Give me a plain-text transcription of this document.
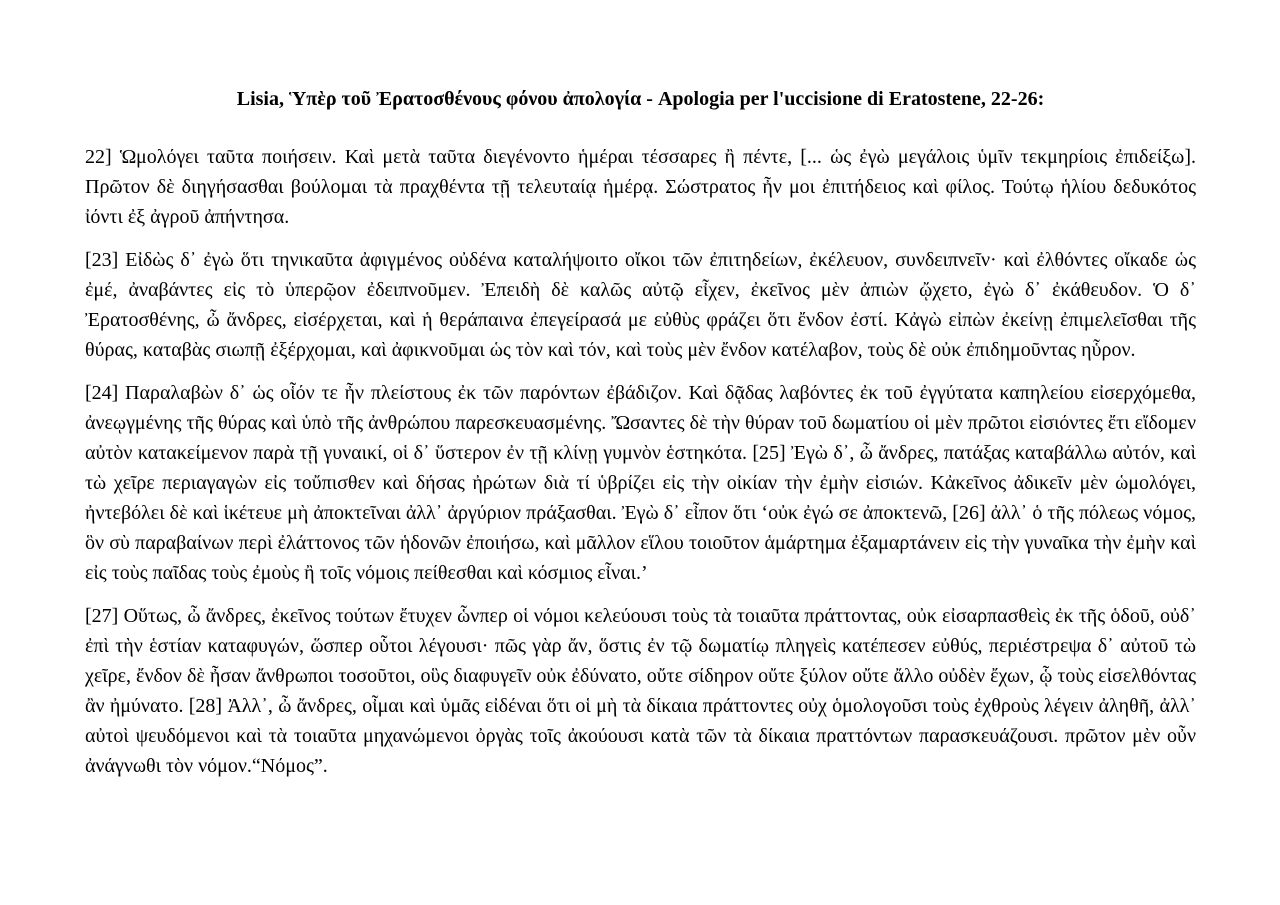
Lisia, Ὑπὲρ τοῦ Ἐρατοσθένους φόνου ἀπολογία - Apologia per l'uccisione di Eratostene, 22-26:

22] Ὡμολόγει ταῦτα ποιήσειν. Καὶ μετὰ ταῦτα διεγένοντο ἡμέραι τέσσαρες ἢ πέντε, [... ὡς ἐγὼ μεγάλοις ὑμῖν τεκμηρίοις ἐπιδείξω]. Πρῶτον δὲ διηγήσασθαι βούλομαι τὰ πραχθέντα τῇ τελευταίᾳ ἡμέρᾳ. Σώστρατος ἦν μοι ἐπιτήδειος καὶ φίλος. Τούτῳ ἡλίου δεδυκότος ἰόντι ἐξ ἀγροῦ ἀπήντησα.

[23] Εἰδὼς δ᾽ ἐγὼ ὅτι τηνικαῦτα ἀφιγμένος οὐδένα καταλήψοιτο οἴκοι τῶν ἐπιτηδείων, ἐκέλευον, συνδειπνεῖν· καὶ ἐλθόντες οἴκαδε ὡς ἐμέ, ἀναβάντες εἰς τὸ ὑπερῷον ἐδειπνοῦμεν. Ἐπειδὴ δὲ καλῶς αὐτῷ εἶχεν, ἐκεῖνος μὲν ἀπιὼν ᾤχετο, ἐγὼ δ᾽ ἐκάθευδον. Ὁ δ᾽ Ἐρατοσθένης, ὦ ἄνδρες, εἰσέρχεται, καὶ ἡ θεράπαινα ἐπεγείρασά με εὐθὺς φράζει ὅτι ἔνδον ἐστί. Κἀγὼ εἰπὼν ἐκείνῃ ἐπιμελεῖσθαι τῆς θύρας, καταβὰς σιωπῇ ἐξέρχομαι, καὶ ἀφικνοῦμαι ὡς τὸν καὶ τόν, καὶ τοὺς μὲν ἔνδον κατέλαβον, τοὺς δὲ οὐκ ἐπιδημοῦντας ηὗρον.

[24] Παραλαβὼν δ᾽ ὡς οἷόν τε ἦν πλείστους ἐκ τῶν παρόντων ἐβάδιζον. Καὶ δᾷδας λαβόντες ἐκ τοῦ ἐγγύτατα καπηλείου εἰσερχόμεθα, ἀνεῳγμένης τῆς θύρας καὶ ὑπὸ τῆς ἀνθρώπου παρεσκευασμένης. Ὤσαντες δὲ τὴν θύραν τοῦ δωματίου οἱ μὲν πρῶτοι εἰσιόντες ἔτι εἴδομεν αὐτὸν κατακείμενον παρὰ τῇ γυναικί, οἱ δ᾽ ὕστερον ἐν τῇ κλίνῃ γυμνὸν ἑστηκότα. [25] Ἐγὼ δ᾽, ὦ ἄνδρες, πατάξας καταβάλλω αὐτόν, καὶ τὼ χεῖρε περιαγαγὼν εἰς τοὔπισθεν καὶ δήσας ἠρώτων διὰ τί ὑβρίζει εἰς τὴν οἰκίαν τὴν ἐμὴν εἰσιών. Κἀκεῖνος ἀδικεῖν μὲν ὡμολόγει, ἠντεβόλει δὲ καὶ ἱκέτευε μὴ ἀποκτεῖναι ἀλλ᾽ ἀργύριον πράξασθαι. Ἐγὼ δ᾽ εἶπον ὅτι ‘οὐκ ἐγώ σε ἀποκτενῶ, [26] ἀλλ᾽ ὁ τῆς πόλεως νόμος, ὃν σὺ παραβαίνων περὶ ἐλάττονος τῶν ἡδονῶν ἐποιήσω, καὶ μᾶλλον εἵλου τοιοῦτον ἁμάρτημα ἐξαμαρτάνειν εἰς τὴν γυναῖκα τὴν ἐμὴν καὶ εἰς τοὺς παῖδας τοὺς ἐμοὺς ἢ τοῖς νόμοις πείθεσθαι καὶ κόσμιος εἶναι.’

[27] Οὕτως, ὦ ἄνδρες, ἐκεῖνος τούτων ἔτυχεν ὧνπερ οἱ νόμοι κελεύουσι τοὺς τὰ τοιαῦτα πράττοντας, οὐκ εἰσαρπασθεὶς ἐκ τῆς ὁδοῦ, οὐδ᾽ ἐπὶ τὴν ἑστίαν καταφυγών, ὥσπερ οὗτοι λέγουσι· πῶς γὰρ ἄν, ὅστις ἐν τῷ δωματίῳ πληγεὶς κατέπεσεν εὐθύς, περιέστρεψα δ᾽ αὐτοῦ τὼ χεῖρε, ἔνδον δὲ ἦσαν ἄνθρωποι τοσοῦτοι, οὓς διαφυγεῖν οὐκ ἐδύνατο, οὔτε σίδηρον οὔτε ξύλον οὔτε ἄλλο οὐδὲν ἔχων, ᾧ τοὺς εἰσελθόντας ἂν ἠμύνατο. [28] Ἀλλ᾽, ὦ ἄνδρες, οἶμαι καὶ ὑμᾶς εἰδέναι ὅτι οἱ μὴ τὰ δίκαια πράττοντες οὐχ ὁμολογοῦσι τοὺς ἐχθροὺς λέγειν ἀληθῆ, ἀλλ᾽ αὐτοὶ ψευδόμενοι καὶ τὰ τοιαῦτα μηχανώμενοι ὀργὰς τοῖς ἀκούουσι κατὰ τῶν τὰ δίκαια πραττόντων παρασκευάζουσι. πρῶτον μὲν οὖν ἀνάγνωθι τὸν νόμον.“Νόμος”.
